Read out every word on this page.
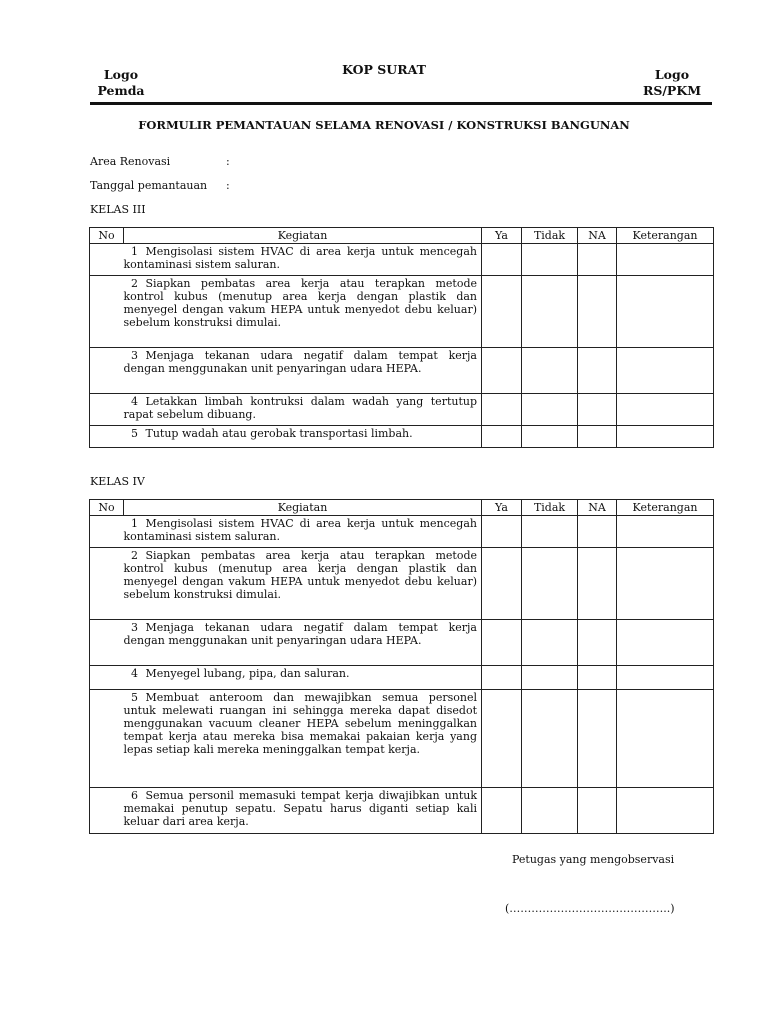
Logo
Pemda
KOP SURAT	Logo
RS/PKM
FORMULIR PEMANTAUAN SELAMA RENOVASI / KONSTRUKSI BANGUNAN
Area Renovasi	:
Tanggal pemantauan :
KELAS III
No	Kegiatan	Ya	Tidak	NA	Keterangan
	1 Mengisolasi sistem HVAC di area kerja untuk mencegah kontaminasi sistem saluran.				
	2 Siapkan pembatas area kerja atau terapkan metode kontrol kubus (menutup area kerja dengan plastik dan menyegel dengan vakum HEPA untuk menyedot debu keluar) sebelum konstruksi dimulai.				
	3 Menjaga tekanan udara negatif dalam tempat kerja dengan menggunakan unit penyaringan udara HEPA.				
	4 Letakkan limbah kontruksi dalam wadah yang tertutup rapat sebelum dibuang.				
	5 Tutup wadah atau gerobak transportasi limbah.				
KELAS IV
No	Kegiatan	Ya	Tidak	NA	Keterangan
	1 Mengisolasi sistem HVAC di area kerja untuk mencegah kontaminasi sistem saluran.				
	2 Siapkan pembatas area kerja atau terapkan metode kontrol kubus (menutup area kerja dengan plastik dan menyegel dengan vakum HEPA untuk menyedot debu keluar) sebelum konstruksi dimulai.				
	3 Menjaga tekanan udara negatif dalam tempat kerja dengan menggunakan unit penyaringan udara HEPA.				
	4 Menyegel lubang, pipa, dan saluran.				
	5 Membuat anteroom dan mewajibkan semua personel untuk melewati ruangan ini sehingga mereka dapat disedot menggunakan vacuum cleaner HEPA sebelum meninggalkan tempat kerja atau mereka bisa memakai pakaian kerja yang lepas setiap kali mereka meninggalkan tempat kerja.				
	6 Semua personil memasuki tempat kerja diwajibkan untuk memakai penutup sepatu. Sepatu harus diganti setiap kali keluar dari area kerja.				
Petugas yang mengobservasi
(……………………………………..)
